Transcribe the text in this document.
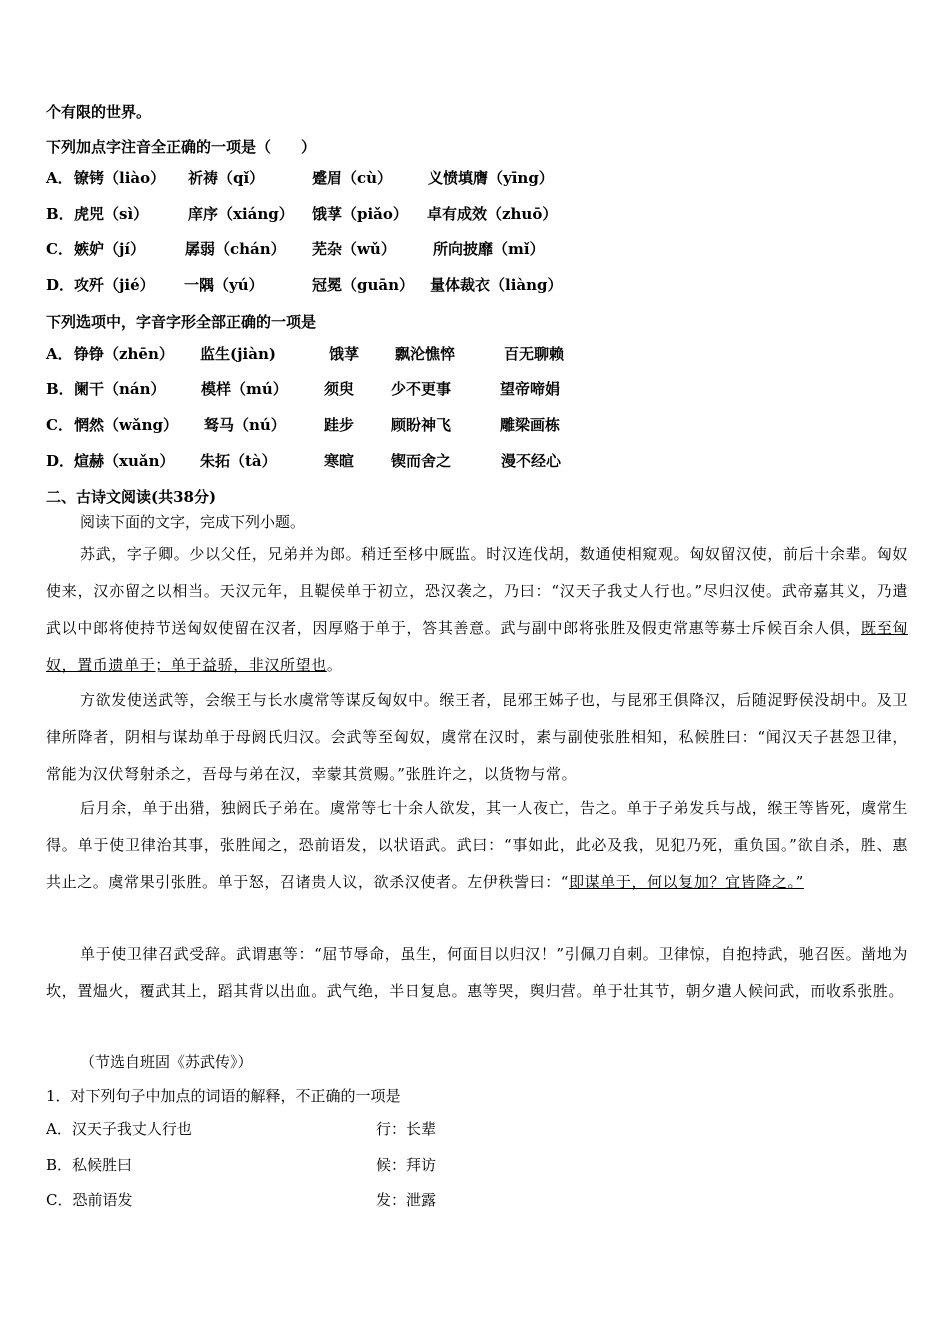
个有限的世界。
下列加点字注音全正确的一项是（　　）
A． 镣铐（liào） 祈祷（qǐ）	蹙眉（cù） 义愤填膺（yīng）
B． 虎兕（sì）	庠序（xiáng） 饿莩（piǎo） 卓有成效（zhuō）
C． 嫉妒（jí）	孱弱（chán） 芜杂（wǔ） 所向披靡（mǐ）
D． 攻歼（jié） 一隅（yú）	冠冕（guān） 量体裁衣（liàng）
下列选项中，字音字形全部正确的一项是
A． 铮铮（zhēn） 监生(jiàn)	饿莩 飘沦憔悴	百无聊赖
B． 阑干（nán） 模样（mú） 须臾 少不更事	望帝啼娟
C． 惘然（wǎng） 驽马（nú）	跬步 顾盼神飞	雕梁画栋
D． 煊赫（xuǎn） 朱拓（tà）	寒暄 锲而舍之	漫不经心
二、古诗文阅读(共38分)
阅读下面的文字，完成下列小题。
苏武，字子卿。少以父任，兄弟并为郎。稍迁至栘中厩监。时汉连伐胡，数通使相窥观。匈奴留汉使，前后十余辈。匈奴使来，汉亦留之以相当。天汉元年，且鞮侯单于初立，恐汉袭之，乃曰：“汉天子我丈人行也。”尽归汉使。武帝嘉其义，乃遣武以中郎将使持节送匈奴使留在汉者，因厚赂于单于，答其善意。武与副中郎将张胜及假吏常惠等募士斥候百余人俱，既至匈奴，置币遗单于；单于益骄，非汉所望也。
方欲发使送武等，会缑王与长水虞常等谋反匈奴中。缑王者，昆邪王姊子也，与昆邪王俱降汉，后随浞野侯没胡中。及卫律所降者，阴相与谋劫单于母阏氏归汉。会武等至匈奴，虞常在汉时，素与副使张胜相知，私候胜曰：“闻汉天子甚怨卫律，常能为汉伏弩射杀之，吾母与弟在汉，幸蒙其赏赐。”张胜许之，以货物与常。
后月余，单于出猎，独阏氏子弟在。虞常等七十余人欲发，其一人夜亡，告之。单于子弟发兵与战，缑王等皆死，虞常生得。单于使卫律治其事，张胜闻之，恐前语发，以状语武。武曰：“事如此，此必及我，见犯乃死，重负国。”欲自杀，胜、惠共止之。虞常果引张胜。单于怒，召诸贵人议，欲杀汉使者。左伊秩訾曰：“即谋单于，何以复加？宜皆降之。”
单于使卫律召武受辞。武谓惠等：“屈节辱命，虽生，何面目以归汉！”引佩刀自刺。卫律惊，自抱持武，驰召医。凿地为坎，置煴火，覆武其上，蹈其背以出血。武气绝，半日复息。惠等哭，舆归营。单于壮其节，朝夕遣人候问武，而收系张胜。
（节选自班固《苏武传》）
1．对下列句子中加点的词语的解释，不正确的一项是
A．汉天子我丈人行也	行：长辈
B．私候胜曰	候：拜访
C．恐前语发	发：泄露
